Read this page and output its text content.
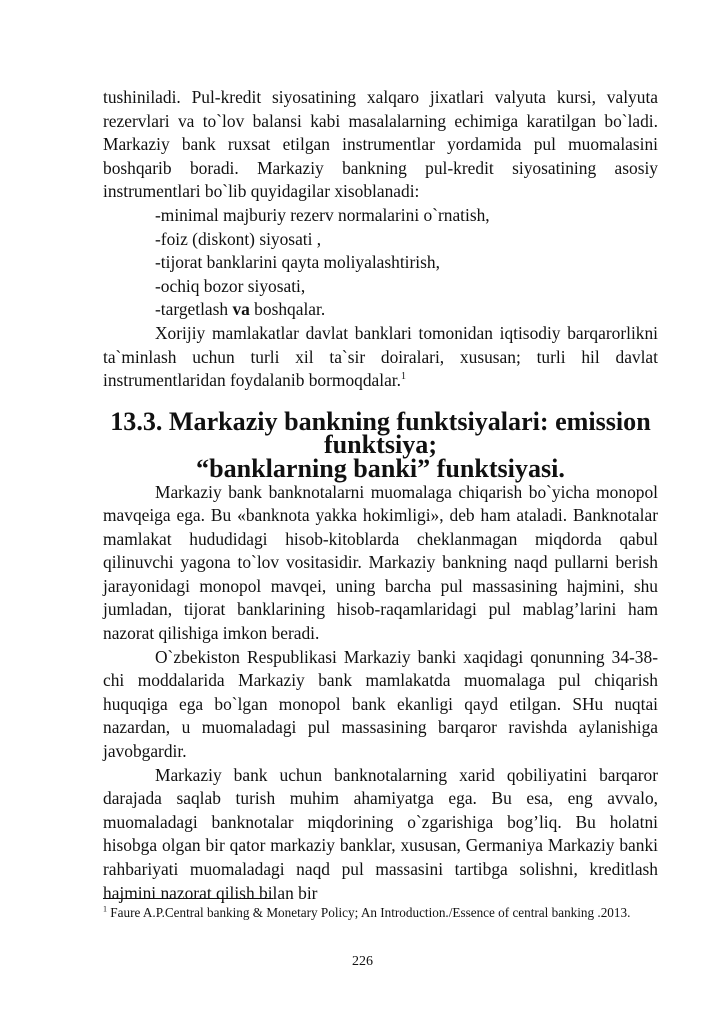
tushiniladi. Pul-kredit siyosatining xalqaro jixatlari valyuta kursi, valyuta rezervlari va to`lov balansi kabi masalalarning echimiga karatilgan bo`ladi. Markaziy bank ruxsat etilgan instrumentlar yordamida pul muomalasini boshqarib boradi. Markaziy bankning pul-kredit siyosatining asosiy instrumentlari bo`lib quyidagilar xisoblanadi:

-minimal majburiy rezerv normalarini o`rnatish,

-foiz (diskont) siyosati ,

-tijorat banklarini qayta moliyalashtirish,

-ochiq bozor siyosati,

-targetlash va boshqalar.

Xorijiy mamlakatlar davlat banklari tomonidan iqtisodiy barqarorlikni ta`minlash uchun turli xil ta`sir doiralari, xususan; turli hil davlat instrumentlaridan foydalanib bormoqdalar.$^1$

13.3. Markaziy bankning funktsiyalari: emission funktsiya;
“banklarning banki” funktsiyasi.

Markaziy bank banknotalarni muomalaga chiqarish bo`yicha monopol mavqeiga ega. Bu «banknota yakka hokimligi», deb ham ataladi. Banknotalar mamlakat hududidagi hisob-kitoblarda cheklanmagan miqdorda qabul qilinuvchi yagona to`lov vositasidir. Markaziy bankning naqd pullarni berish jarayonidagi monopol mavqei, uning barcha pul massasining hajmini, shu jumladan, tijorat banklarining hisob-raqamlaridagi pul mablag’larini ham nazorat qilishiga imkon beradi.

O`zbekiston Respublikasi Markaziy banki xaqidagi qonunning 34-38- chi moddalarida Markaziy bank mamlakatda muomalaga pul chiqarish huquqiga ega bo`lgan monopol bank ekanligi qayd etilgan. SHu nuqtai nazardan, u muomaladagi pul massasining barqaror ravishda aylanishiga javobgardir.

Markaziy bank uchun banknotalarning xarid qobiliyatini barqaror darajada saqlab turish muhim ahamiyatga ega. Bu esa, eng avvalo, muomaladagi banknotalar miqdorining o`zgarishiga bog’liq. Bu holatni hisobga olgan bir qator markaziy banklar, xususan, Germaniya Markaziy banki rahbariyati muomaladagi naqd pul massasini tartibga solishni, kreditlash hajmini nazorat qilish bilan bir

$^1$ Faure A.P.Central banking & Monetary Policy; An Introduction./Essence of central banking .2013.
226
